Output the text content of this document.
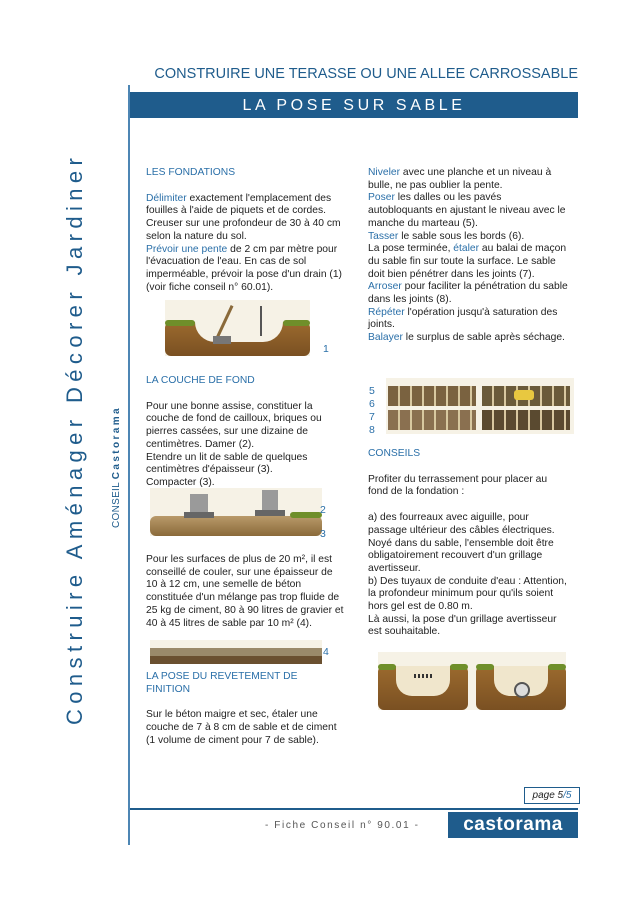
Construire Aménager Décorer Jardiner CONSEIL Castorama
CONSTRUIRE UNE TERASSE OU UNE ALLEE CARROSSABLE
LA POSE SUR SABLE

LES FONDATIONS

Délimiter exactement l'emplacement des fouilles à l'aide de piquets et de cordes. Creuser sur une profondeur de 30 à 40 cm selon la nature du sol.

Prévoir une pente de 2 cm par mètre pour l'évacuation de l'eau. En cas de sol imperméable, prévoir la pose d'un drain (1) (voir fiche conseil n° 60.01).

1

LA COUCHE DE FOND

Pour une bonne assise, constituer la couche de fond de cailloux, briques ou pierres cassées, sur une dizaine de centimètres. Damer (2).

Etendre un lit de sable de quelques centimètres d'épaisseur (3).

Compacter (3).

2
3

Pour les surfaces de plus de 20 m², il est conseillé de couler, sur une épaisseur de 10 à 12 cm, une semelle de béton constituée d'un mélange pas trop fluide de 25 kg de ciment, 80 à 90 litres de gravier et 40 à 45 litres de sable par 10 m² (4).

4

LA POSE DU REVETEMENT DE FINITION

Sur le béton maigre et sec, étaler une couche de 7 à 8 cm de sable et de ciment (1 volume de ciment pour 7 de sable).

Niveler avec une planche et un niveau à bulle, ne pas oublier la pente.

Poser les dalles ou les pavés autobloquants en ajustant le niveau avec le manche du marteau (5).

Tasser le sable sous les bords (6).

La pose terminée, étaler au balai de maçon du sable fin sur toute la surface. Le sable doit bien pénétrer dans les joints (7).

Arroser pour faciliter la pénétration du sable dans les joints (8).

Répéter l'opération jusqu'à saturation des joints.

Balayer le surplus de sable après séchage.

5
6
7
8

CONSEILS

Profiter du terrassement pour placer au fond de la fondation :

a) des fourreaux avec aiguille, pour passage ultérieur des câbles électriques. Noyé dans du sable, l'ensemble doit être obligatoirement recouvert d'un grillage avertisseur.

b) Des tuyaux de conduite d'eau : Attention, la profondeur minimum pour qu'ils soient hors gel est de 0.80 m.

Là aussi, la pose d'un grillage avertisseur est souhaitable.

page 5/5
- Fiche Conseil n° 90.01 -	castorama
